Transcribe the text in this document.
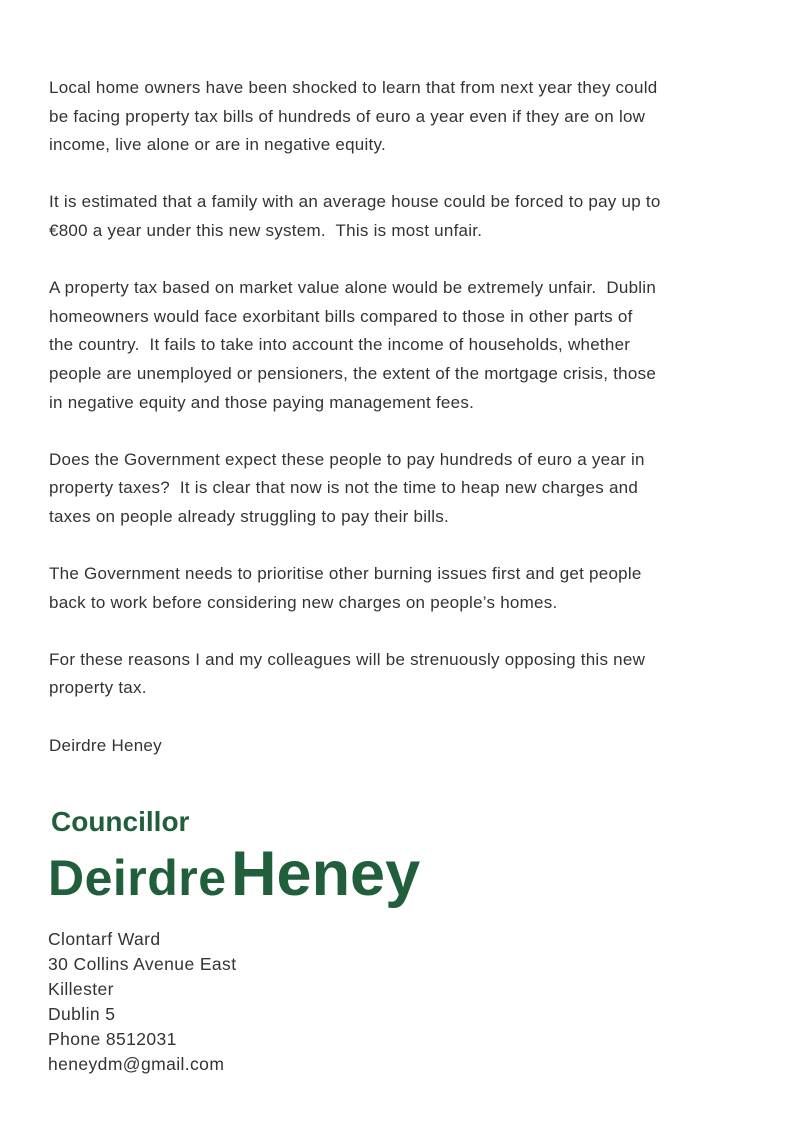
Local home owners have been shocked to learn that from next year they could
be facing property tax bills of hundreds of euro a year even if they are on low
income, live alone or are in negative equity.

It is estimated that a family with an average house could be forced to pay up to
€800 a year under this new system.  This is most unfair.

A property tax based on market value alone would be extremely unfair.  Dublin
homeowners would face exorbitant bills compared to those in other parts of
the country.  It fails to take into account the income of households, whether
people are unemployed or pensioners, the extent of the mortgage crisis, those
in negative equity and those paying management fees.

Does the Government expect these people to pay hundreds of euro a year in
property taxes?  It is clear that now is not the time to heap new charges and
taxes on people already struggling to pay their bills.

The Government needs to prioritise other burning issues first and get people
back to work before considering new charges on people’s homes.

For these reasons I and my colleagues will be strenuously opposing this new
property tax.

Deirdre Heney

Councillor
Deirdre Heney
Clontarf Ward
30 Collins Avenue East
Killester
Dublin 5
Phone 8512031
heneydm@gmail.com
